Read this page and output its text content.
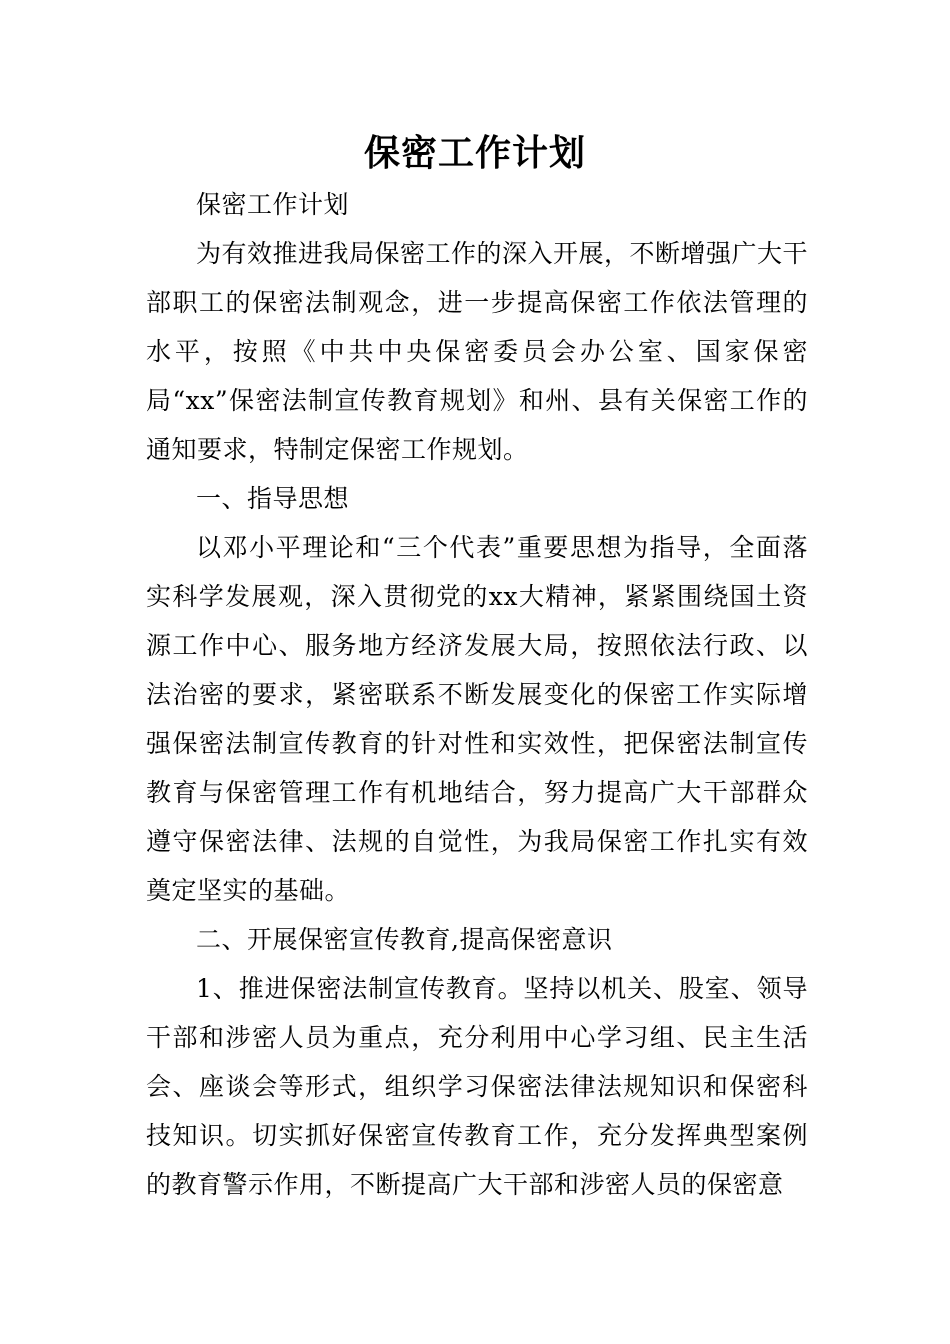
保密工作计划

保密工作计划

为有效推进我局保密工作的深入开展，不断增强广大干部职工的保密法制观念，进一步提高保密工作依法管理的水平，按照《中共中央保密委员会办公室、国家保密局“xx”保密法制宣传教育规划》和州、县有关保密工作的通知要求，特制定保密工作规划。

一、指导思想

以邓小平理论和“三个代表”重要思想为指导，全面落实科学发展观，深入贯彻党的xx大精神，紧紧围绕国土资源工作中心、服务地方经济发展大局，按照依法行政、以法治密的要求，紧密联系不断发展变化的保密工作实际增强保密法制宣传教育的针对性和实效性，把保密法制宣传教育与保密管理工作有机地结合，努力提高广大干部群众遵守保密法律、法规的自觉性，为我局保密工作扎实有效奠定坚实的基础。

二、开展保密宣传教育,提高保密意识

1、推进保密法制宣传教育。坚持以机关、股室、领导干部和涉密人员为重点，充分利用中心学习组、民主生活会、座谈会等形式，组织学习保密法律法规知识和保密科技知识。切实抓好保密宣传教育工作，充分发挥典型案例的教育警示作用，不断提高广大干部和涉密人员的保密意
